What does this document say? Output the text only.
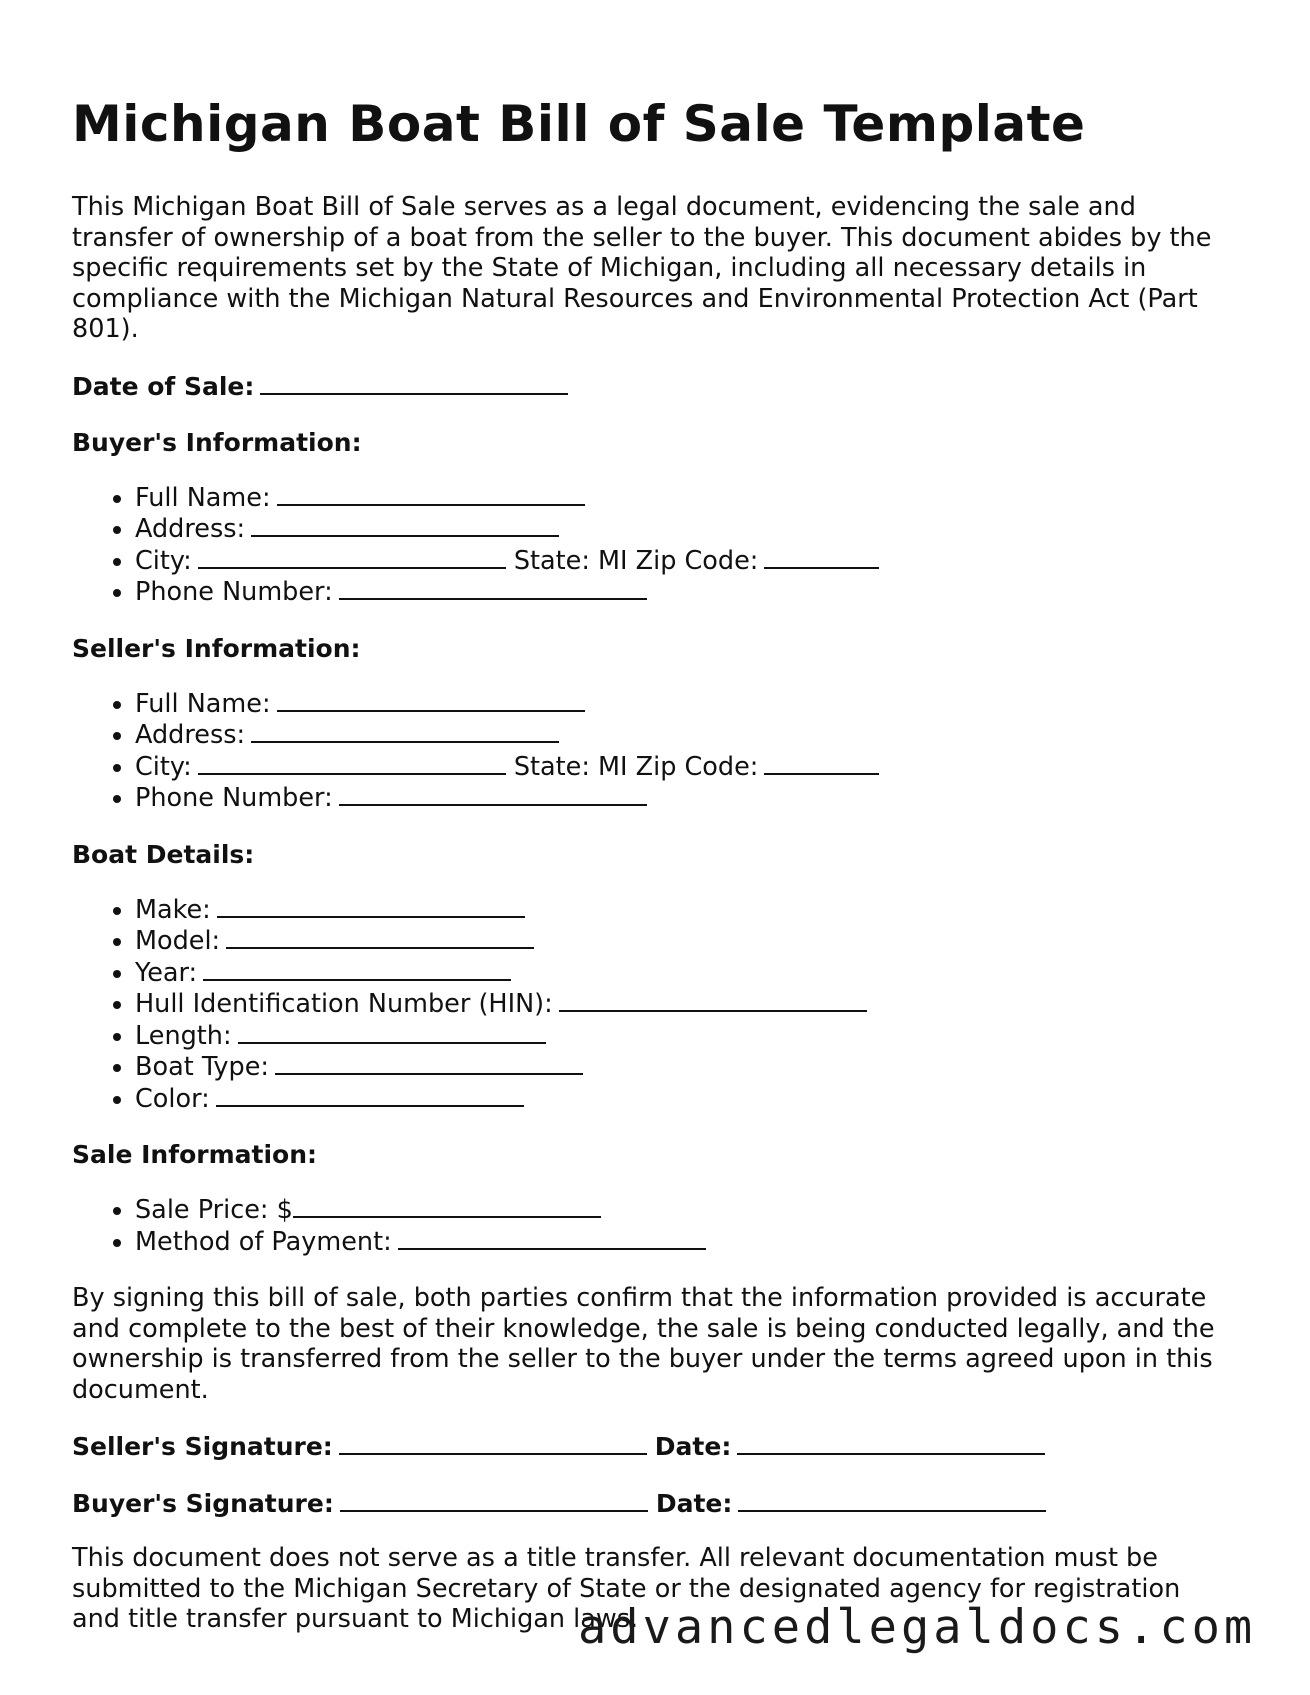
Michigan Boat Bill of Sale Template

This Michigan Boat Bill of Sale serves as a legal document, evidencing the sale and transfer of ownership of a boat from the seller to the buyer. This document abides by the specific requirements set by the State of Michigan, including all necessary details in compliance with the Michigan Natural Resources and Environmental Protection Act (Part 801).

Date of Sale:

Buyer's Information:

• Full Name:
• Address:
• City:	State: MI Zip Code:
• Phone Number:

Seller's Information:

• Full Name:
• Address:
• City:	State: MI Zip Code:
• Phone Number:

Boat Details:

• Make:
• Model:
• Year:
• Hull Identification Number (HIN):
• Length:
• Boat Type:
• Color:

Sale Information:

• Sale Price: $
• Method of Payment:

By signing this bill of sale, both parties confirm that the information provided is accurate and complete to the best of their knowledge, the sale is being conducted legally, and the ownership is transferred from the seller to the buyer under the terms agreed upon in this document.

Seller's Signature:	Date:

Buyer's Signature:	Date:

This document does not serve as a title transfer. All relevant documentation must be submitted to the Michigan Secretary of State or the designated agency for registration and title transfer pursuant to Michigan laws.

advancedlegaldocs.com
